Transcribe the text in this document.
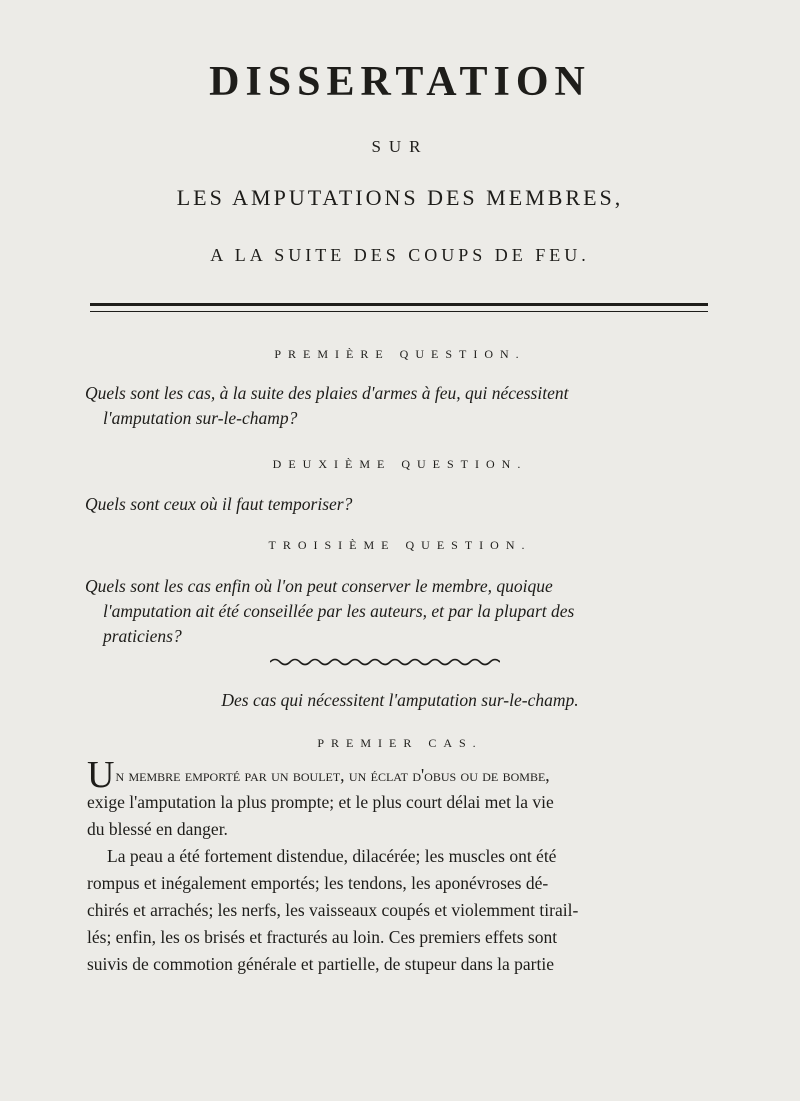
DISSERTATION
SUR
LES AMPUTATIONS DES MEMBRES,
A LA SUITE DES COUPS DE FEU.
PREMIÈRE QUESTION.
Quels sont les cas, à la suite des plaies d'armes à feu, qui nécessitent
l'amputation sur-le-champ?
DEUXIÈME QUESTION.
Quels sont ceux où il faut temporiser?
TROISIÈME QUESTION.
Quels sont les cas enfin où l'on peut conserver le membre, quoique
l'amputation ait été conseillée par les auteurs, et par la plupart des
praticiens?
Des cas qui nécessitent l'amputation sur-le-champ.
PREMIER CAS.
Un membre emporté par un boulet, un éclat d'obus ou de bombe,
exige l'amputation la plus prompte; et le plus court délai met la vie
du blessé en danger.
La peau a été fortement distendue, dilacérée; les muscles ont été
rompus et inégalement emportés; les tendons, les aponévroses dé-
chirés et arrachés; les nerfs, les vaisseaux coupés et violemment tirail-
lés; enfin, les os brisés et fracturés au loin. Ces premiers effets sont
suivis de commotion générale et partielle, de stupeur dans la partie
